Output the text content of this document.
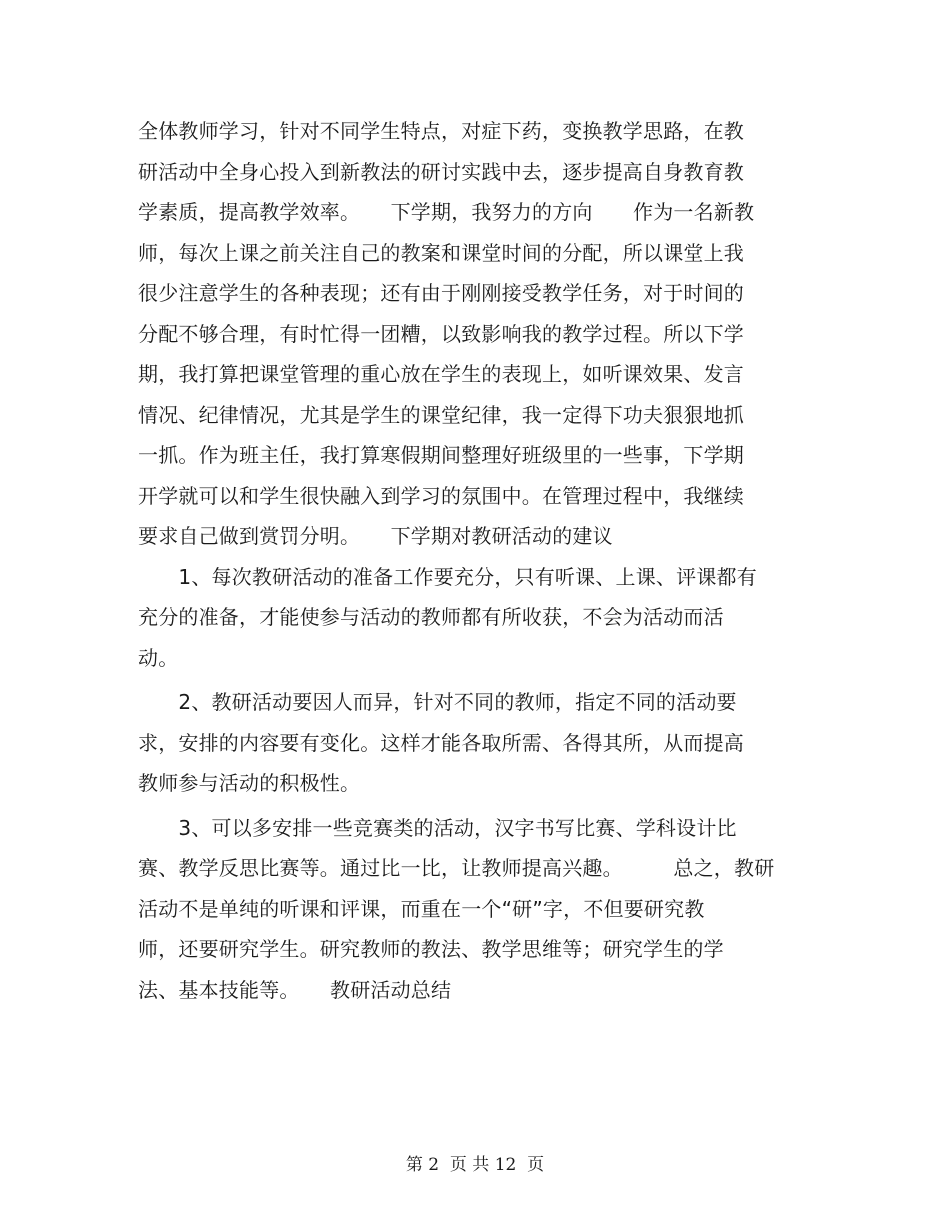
全体教师学习，针对不同学生特点，对症下药，变换教学思路，在教
研活动中全身心投入到新教法的研讨实践中去，逐步提高自身教育教
学素质，提高教学效率。　　下学期，我努力的方向　　作为一名新教
师，每次上课之前关注自己的教案和课堂时间的分配，所以课堂上我
很少注意学生的各种表现；还有由于刚刚接受教学任务，对于时间的
分配不够合理，有时忙得一团糟，以致影响我的教学过程。所以下学
期，我打算把课堂管理的重心放在学生的表现上，如听课效果、发言
情况、纪律情况，尤其是学生的课堂纪律，我一定得下功夫狠狠地抓
一抓。作为班主任，我打算寒假期间整理好班级里的一些事，下学期
开学就可以和学生很快融入到学习的氛围中。在管理过程中，我继续
要求自己做到赏罚分明。　　下学期对教研活动的建议
　　1、每次教研活动的准备工作要充分，只有听课、上课、评课都有
充分的准备，才能使参与活动的教师都有所收获，不会为活动而活
动。
　　2、教研活动要因人而异，针对不同的教师，指定不同的活动要
求，安排的内容要有变化。这样才能各取所需、各得其所，从而提高
教师参与活动的积极性。
　　3、可以多安排一些竞赛类的活动，汉字书写比赛、学科设计比
赛、教学反思比赛等。通过比一比，让教师提高兴趣。　　　总之，教研
活动不是单纯的听课和评课，而重在一个“研”字，不但要研究教
师，还要研究学生。研究教师的教法、教学思维等；研究学生的学
法、基本技能等。　　教研活动总结
第 2  页 共 12  页
